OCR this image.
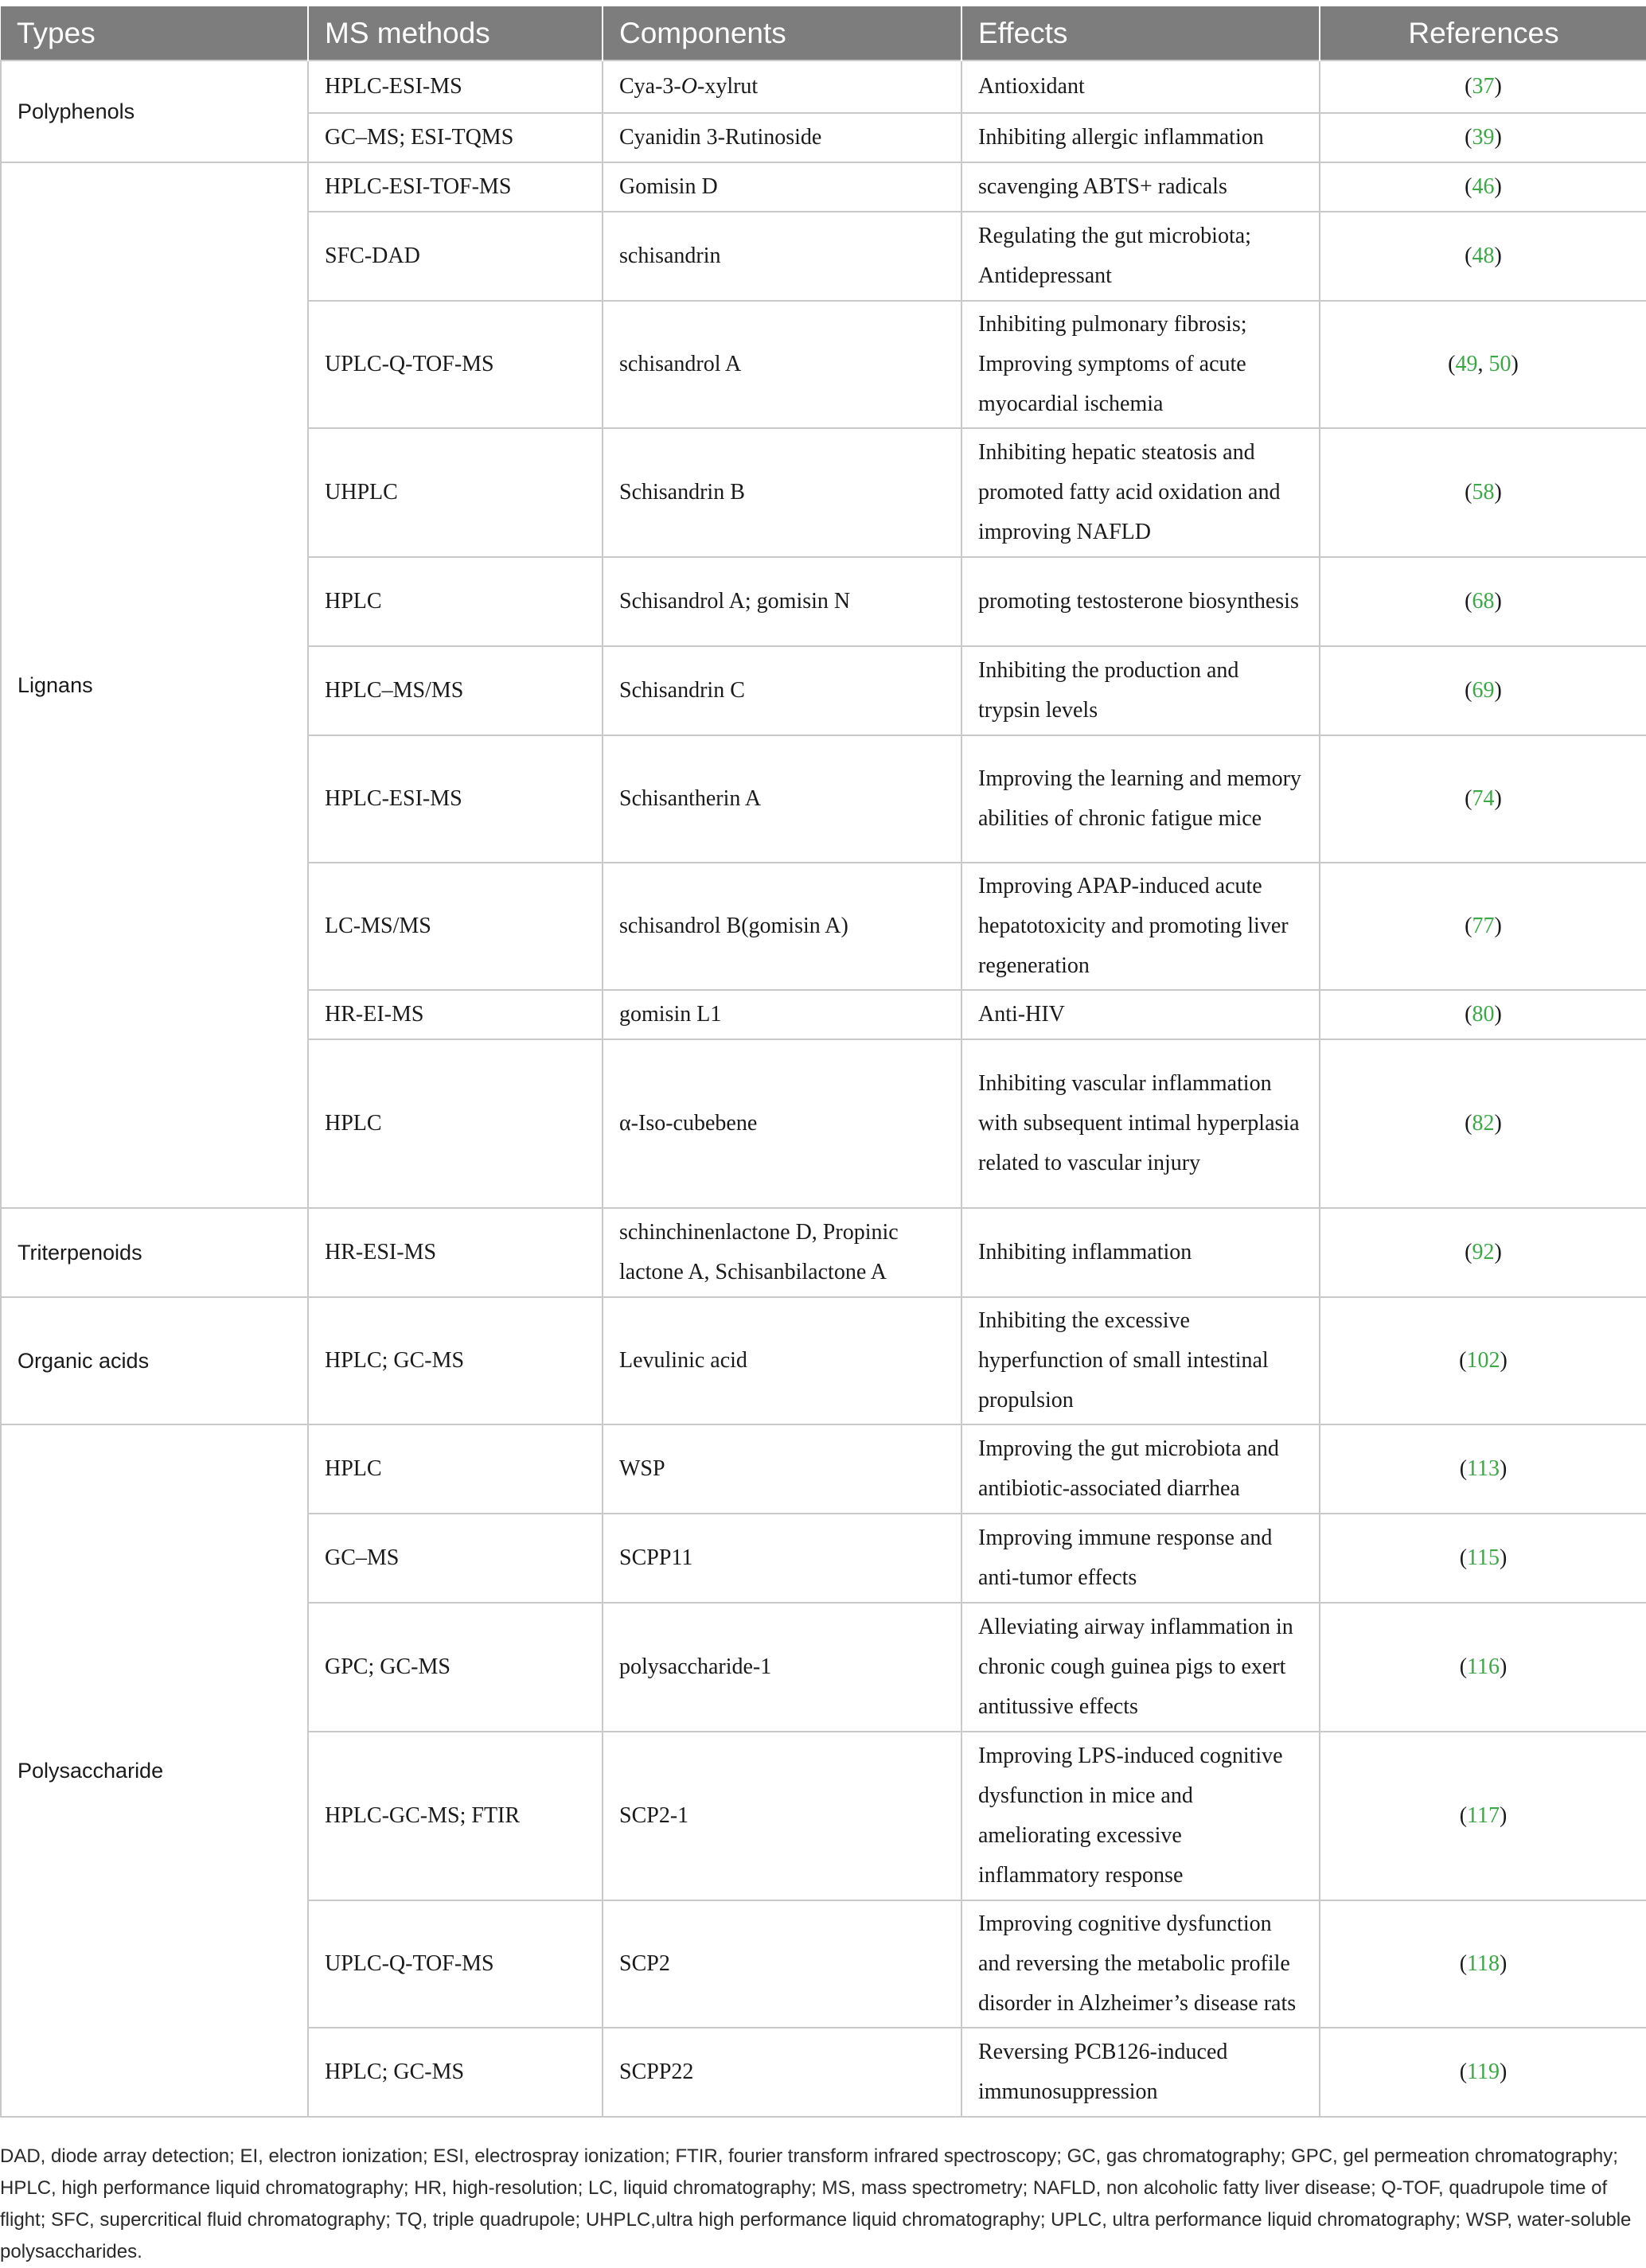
Types	MS methods	Components	Effects	References
Polyphenols	HPLC-ESI-MS	Cya-3-O-xylrut	Antioxidant	(37)
	GC–MS; ESI-TQMS	Cyanidin 3-Rutinoside	Inhibiting allergic inflammation	(39)
Lignans	HPLC-ESI-TOF-MS	Gomisin D	scavenging ABTS+ radicals	(46)
	SFC-DAD	schisandrin	Regulating the gut microbiota; Antidepressant	(48)
	UPLC-Q-TOF-MS	schisandrol A	Inhibiting pulmonary fibrosis; Improving symptoms of acute myocardial ischemia	(49, 50)
	UHPLC	Schisandrin B	Inhibiting hepatic steatosis and promoted fatty acid oxidation and improving NAFLD	(58)
	HPLC	Schisandrol A; gomisin N	promoting testosterone biosynthesis	(68)
	HPLC–MS/MS	Schisandrin C	Inhibiting the production and trypsin levels	(69)
	HPLC-ESI-MS	Schisantherin A	Improving the learning and memory abilities of chronic fatigue mice	(74)
	LC-MS/MS	schisandrol B(gomisin A)	Improving APAP-induced acute hepatotoxicity and promoting liver regeneration	(77)
	HR-EI-MS	gomisin L1	Anti-HIV	(80)
	HPLC	α-Iso-cubebene	Inhibiting vascular inflammation with subsequent intimal hyperplasia related to vascular injury	(82)
Triterpenoids	HR-ESI-MS	schinchinenlactone D, Propinic lactone A, Schisanbilactone A	Inhibiting inflammation	(92)
Organic acids	HPLC; GC-MS	Levulinic acid	Inhibiting the excessive hyperfunction of small intestinal propulsion	(102)
Polysaccharide	HPLC	WSP	Improving the gut microbiota and antibiotic-associated diarrhea	(113)
	GC–MS	SCPP11	Improving immune response and anti-tumor effects	(115)
	GPC; GC-MS	polysaccharide-1	Alleviating airway inflammation in chronic cough guinea pigs to exert antitussive effects	(116)
	HPLC-GC-MS; FTIR	SCP2-1	Improving LPS-induced cognitive dysfunction in mice and ameliorating excessive inflammatory response	(117)
	UPLC-Q-TOF-MS	SCP2	Improving cognitive dysfunction and reversing the metabolic profile disorder in Alzheimer’s disease rats	(118)
	HPLC; GC-MS	SCPP22	Reversing PCB126-induced immunosuppression	(119)
DAD, diode array detection; EI, electron ionization; ESI, electrospray ionization; FTIR, fourier transform infrared spectroscopy; GC, gas chromatography; GPC, gel permeation chromatography; HPLC, high performance liquid chromatography; HR, high-resolution; LC, liquid chromatography; MS, mass spectrometry; NAFLD, non alcoholic fatty liver disease; Q-TOF, quadrupole time of flight; SFC, supercritical fluid chromatography; TQ, triple quadrupole; UHPLC,ultra high performance liquid chromatography; UPLC, ultra performance liquid chromatography; WSP, water-soluble polysaccharides.
